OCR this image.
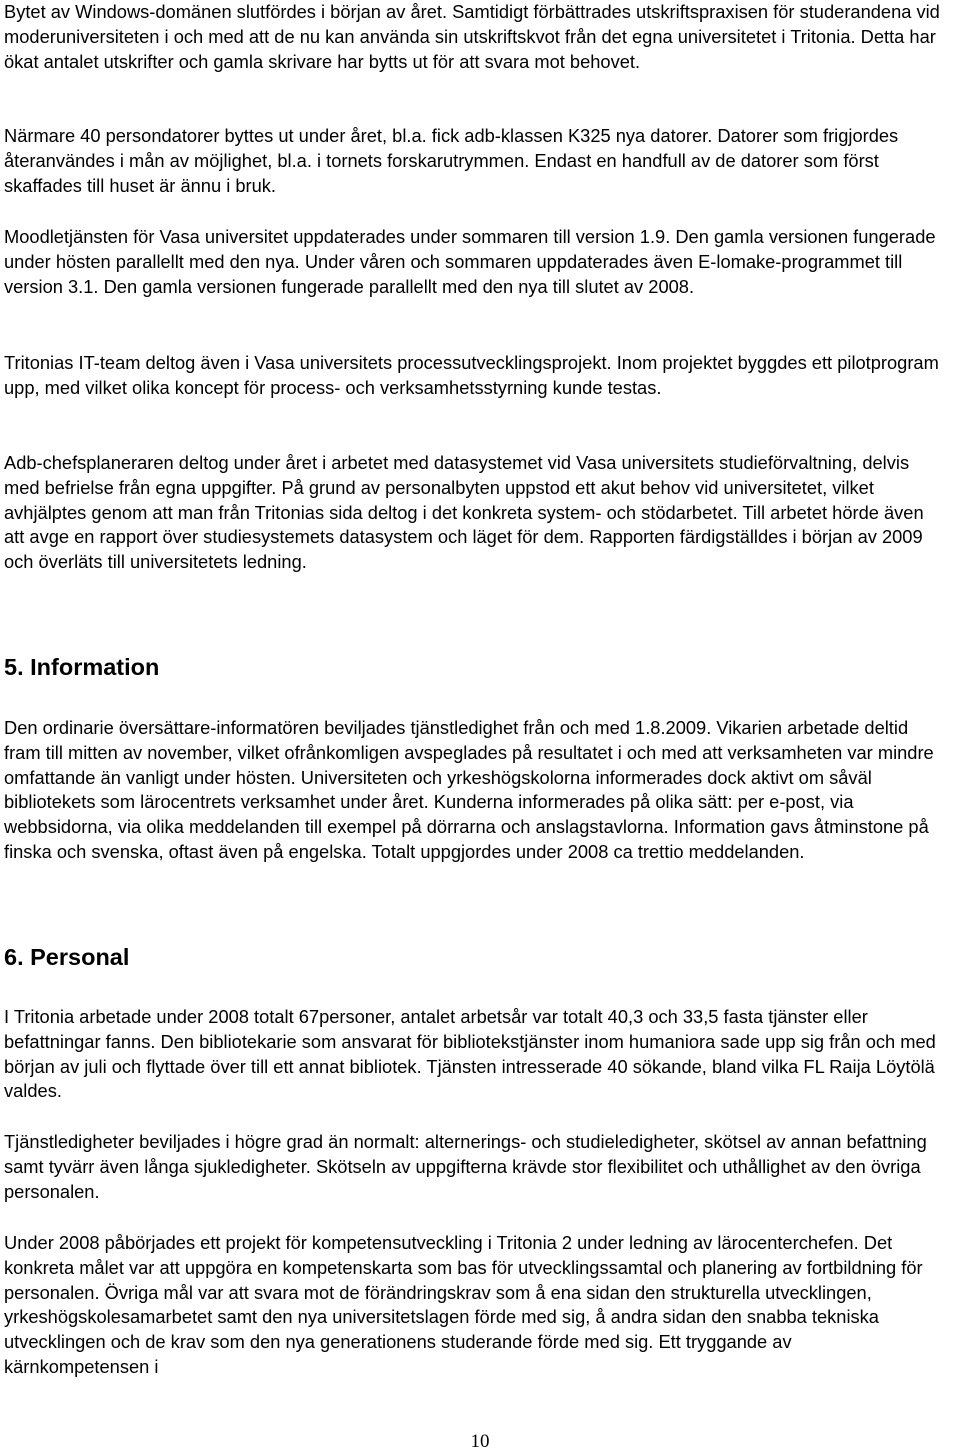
Bytet av Windows-domänen slutfördes i början av året. Samtidigt förbättrades utskriftspraxisen för studerandena vid moderuniversiteten i och med att de nu kan använda sin utskriftskvot från det egna universitetet i Tritonia. Detta har ökat antalet utskrifter och gamla skrivare har bytts ut för att svara mot behovet.

Närmare 40 persondatorer byttes ut under året, bl.a. fick adb-klassen K325 nya datorer. Datorer som frigjordes återanvändes i mån av möjlighet, bl.a. i tornets forskarutrymmen. Endast en handfull av de datorer som först skaffades till huset är ännu i bruk.

Moodletjänsten för Vasa universitet uppdaterades under sommaren till version 1.9. Den gamla versionen fungerade under hösten parallellt med den nya. Under våren och sommaren uppdaterades även E-lomake-programmet till version 3.1. Den gamla versionen fungerade parallellt med den nya till slutet av 2008.

Tritonias IT-team deltog även i Vasa universitets processutvecklingsprojekt. Inom projektet byggdes ett pilotprogram upp, med vilket olika koncept för process- och verksamhetsstyrning kunde testas.

Adb-chefsplaneraren deltog under året i arbetet med datasystemet vid Vasa universitets studieförvaltning, delvis med befrielse från egna uppgifter. På grund av personalbyten uppstod ett akut behov vid universitetet, vilket avhjälptes genom att man från Tritonias sida deltog i det konkreta system- och stödarbetet. Till arbetet hörde även att avge en rapport över studiesystemets datasystem och läget för dem. Rapporten färdigställdes i början av 2009 och överläts till universitetets ledning.

5. Information

Den ordinarie översättare-informatören beviljades tjänstledighet från och med 1.8.2009. Vikarien arbetade deltid fram till mitten av november, vilket ofrånkomligen avspeglades på resultatet i och med att verksamheten var mindre omfattande än vanligt under hösten. Universiteten och yrkeshögskolorna informerades dock aktivt om såväl bibliotekets som lärocentrets verksamhet under året. Kunderna informerades på olika sätt: per e-post, via webbsidorna, via olika meddelanden till exempel på dörrarna och anslagstavlorna. Information gavs åtminstone på finska och svenska, oftast även på engelska. Totalt uppgjordes under 2008 ca trettio meddelanden.

6. Personal

I Tritonia arbetade under 2008 totalt 67personer, antalet arbetsår var totalt 40,3 och 33,5 fasta tjänster eller befattningar fanns. Den bibliotekarie som ansvarat för bibliotekstjänster inom humaniora sade upp sig från och med början av juli och flyttade över till ett annat bibliotek. Tjänsten intresserade 40 sökande, bland vilka FL Raija Löytölä valdes.

Tjänstledigheter beviljades i högre grad än normalt: alternerings- och studieledigheter, skötsel av annan befattning samt tyvärr även långa sjukledigheter. Skötseln av uppgifterna krävde stor flexibilitet och uthållighet av den övriga personalen.

Under 2008 påbörjades ett projekt för kompetensutveckling i Tritonia 2 under ledning av lärocenterchefen. Det konkreta målet var att uppgöra en kompetenskarta som bas för utvecklingssamtal och planering av fortbildning för personalen. Övriga mål var att svara mot de förändringskrav som å ena sidan den strukturella utvecklingen, yrkeshögskolesamarbetet samt den nya universitetslagen förde med sig, å andra sidan den snabba tekniska utvecklingen och de krav som den nya generationens studerande förde med sig. Ett tryggande av kärnkompetensen i

10
